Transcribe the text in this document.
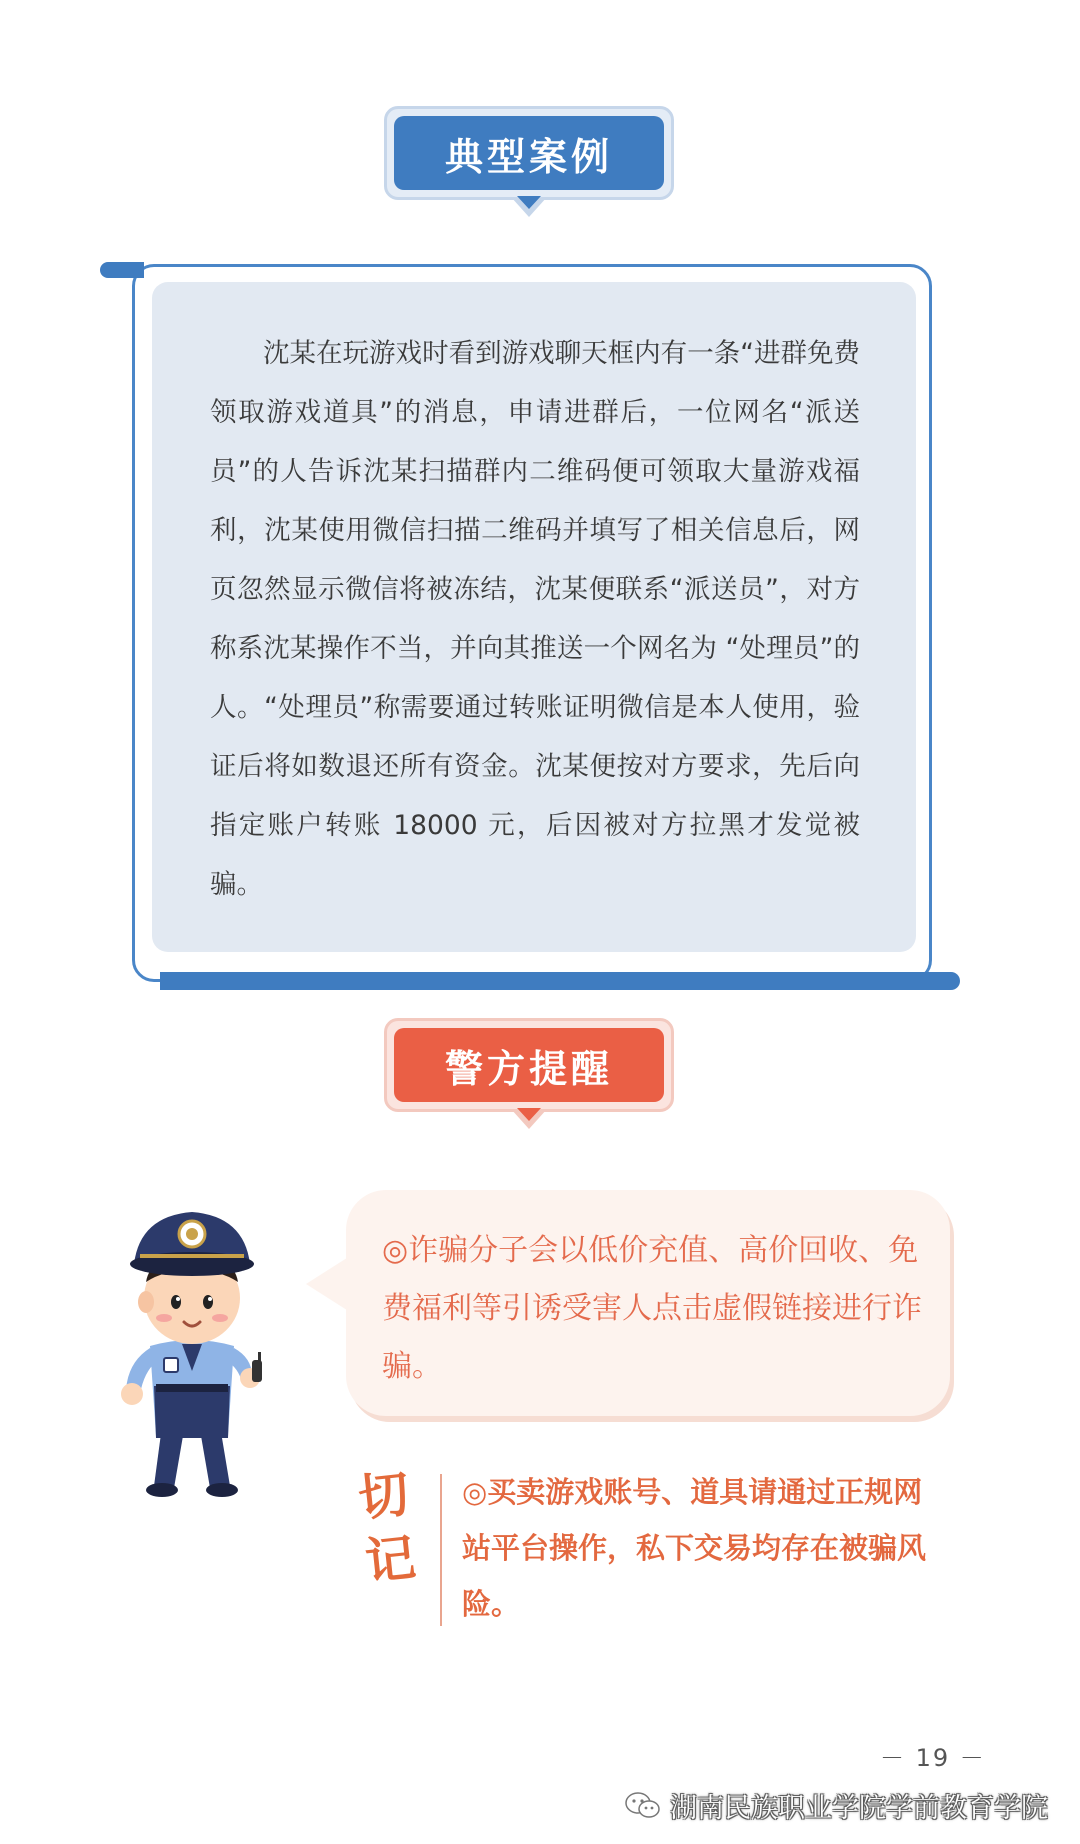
典型案例

沈某在玩游戏时看到游戏聊天框内有一条“进群免费领取游戏道具”的消息，申请进群后，一位网名“派送员”的人告诉沈某扫描群内二维码便可领取大量游戏福利，沈某使用微信扫描二维码并填写了相关信息后，网页忽然显示微信将被冻结，沈某便联系“派送员”，对方称系沈某操作不当，并向其推送一个网名为 “处理员”的人。“处理员”称需要通过转账证明微信是本人使用，验证后将如数退还所有资金。沈某便按对方要求，先后向指定账户转账 18000 元，后因被对方拉黑才发觉被骗。

警方提醒

◎诈骗分子会以低价充值、高价回收、免费福利等引诱受害人点击虚假链接进行诈骗。

切记

◎买卖游戏账号、道具请通过正规网站平台操作，私下交易均存在被骗风险。

－ 19 －
湖南民族职业学院学前教育学院
